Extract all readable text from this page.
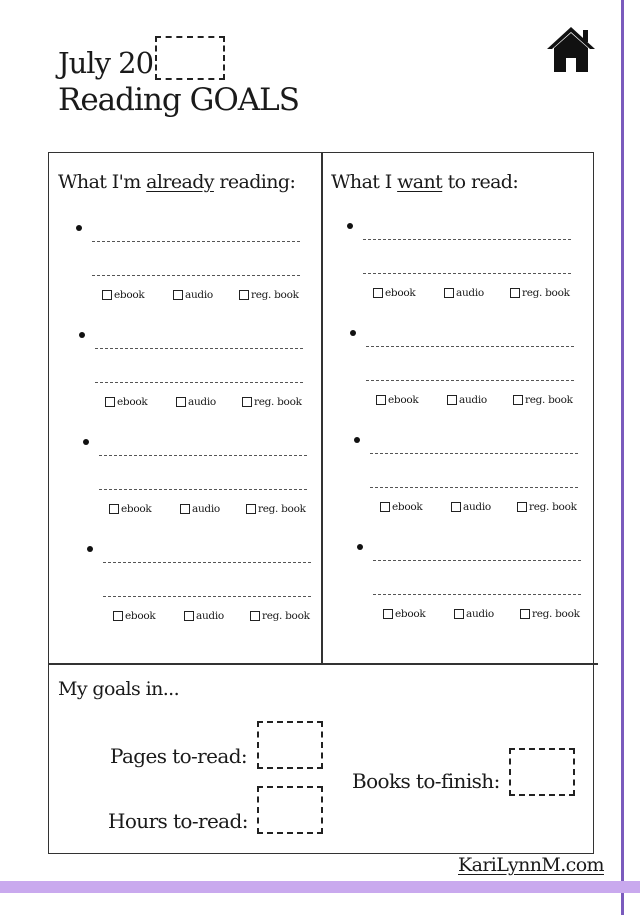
July 20
Reading GOALS
What I'm already reading: What I want to read:
ebook	audio	reg. book
ebook	audio	reg. book
ebook	audio	reg. book
ebook	audio	reg. book
ebook	audio	reg. book
ebook	audio	reg. book
ebook	audio	reg. book
ebook	audio	reg. book
My goals in...
Pages to-read:
Hours to-read:
Books to-finish:
KariLynnM.com
